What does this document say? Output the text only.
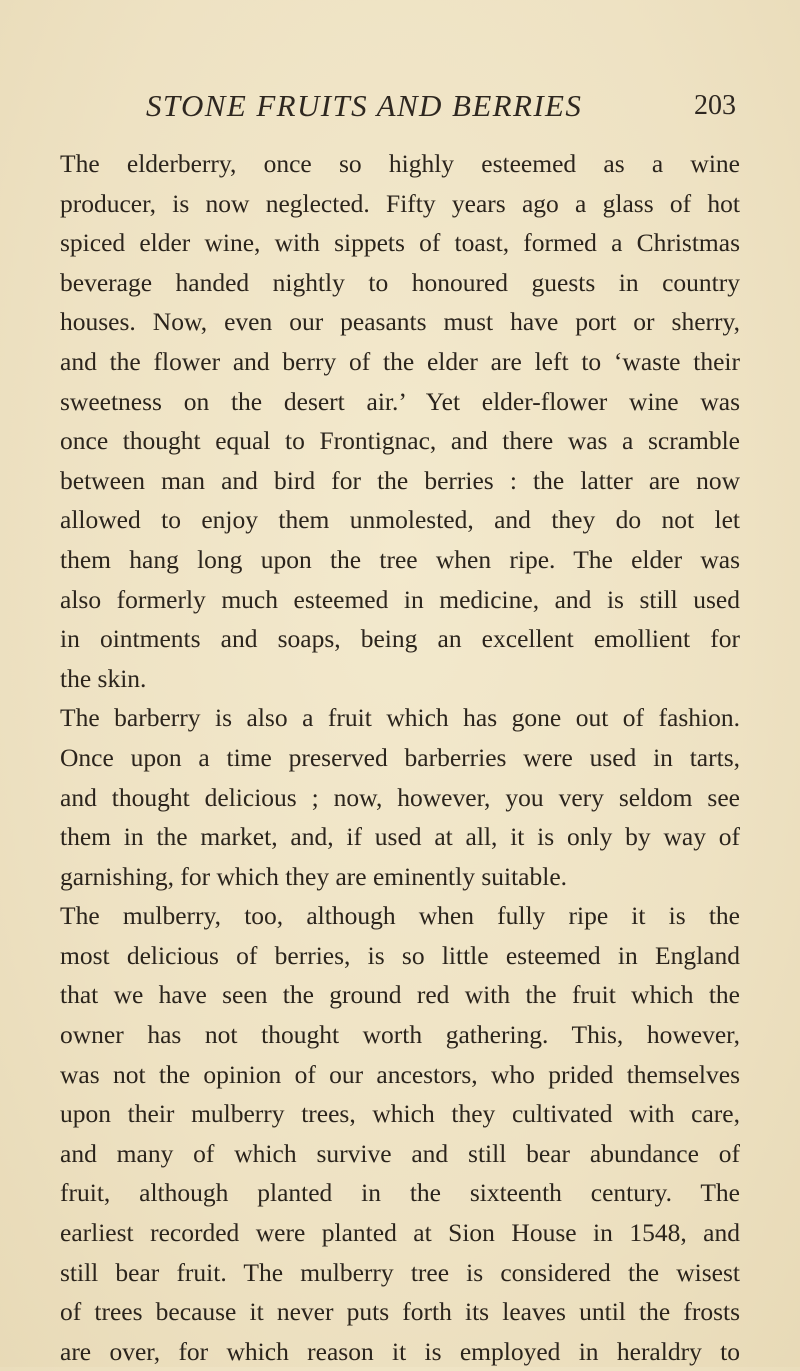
STONE FRUITS AND BERRIES	203
The elderberry, once so highly esteemed as a wine
producer, is now neglected. Fifty years ago a glass of hot
spiced elder wine, with sippets of toast, formed a Christmas
beverage handed nightly to honoured guests in country
houses. Now, even our peasants must have port or sherry,
and the flower and berry of the elder are left to ‘waste their
sweetness on the desert air.’ Yet elder-flower wine was
once thought equal to Frontignac, and there was a scramble
between man and bird for the berries : the latter are now
allowed to enjoy them unmolested, and they do not let
them hang long upon the tree when ripe. The elder was
also formerly much esteemed in medicine, and is still used
in ointments and soaps, being an excellent emollient for
the skin.
The barberry is also a fruit which has gone out of fashion.
Once upon a time preserved barberries were used in tarts,
and thought delicious ; now, however, you very seldom see
them in the market, and, if used at all, it is only by way of
garnishing, for which they are eminently suitable.
The mulberry, too, although when fully ripe it is the
most delicious of berries, is so little esteemed in England
that we have seen the ground red with the fruit which the
owner has not thought worth gathering. This, however,
was not the opinion of our ancestors, who prided themselves
upon their mulberry trees, which they cultivated with care,
and many of which survive and still bear abundance of
fruit, although planted in the sixteenth century. The
earliest recorded were planted at Sion House in 1548, and
still bear fruit. The mulberry tree is considered the wisest
of trees because it never puts forth its leaves until the frosts
are over, for which reason it is employed in heraldry to
